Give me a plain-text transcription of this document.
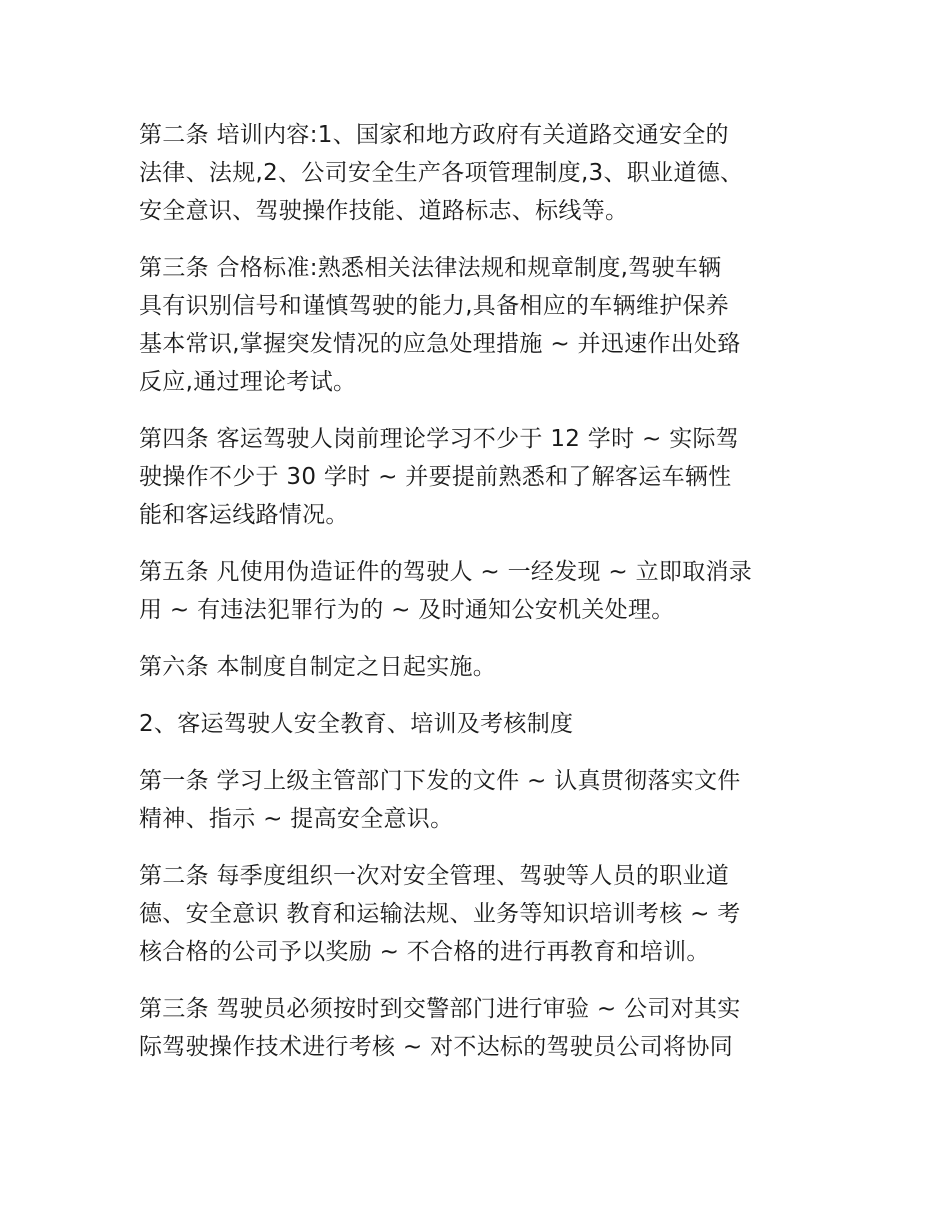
第二条 培训内容:1、国家和地方政府有关道路交通安全的
法律、法规,2、公司安全生产各项管理制度,3、职业道德、
安全意识、驾驶操作技能、道路标志、标线等。
第三条 合格标准:熟悉相关法律法规和规章制度,驾驶车辆
具有识别信号和谨慎驾驶的能力,具备相应的车辆维护保养
基本常识,掌握突发情况的应急处理措施 ~ 并迅速作出处臵
反应,通过理论考试。
第四条 客运驾驶人岗前理论学习不少于 12 学时 ~ 实际驾
驶操作不少于 30 学时 ~ 并要提前熟悉和了解客运车辆性
能和客运线路情况。
第五条 凡使用伪造证件的驾驶人 ~ 一经发现 ~ 立即取消录
用 ~ 有违法犯罪行为的 ~ 及时通知公安机关处理。
第六条 本制度自制定之日起实施。
2、客运驾驶人安全教育、培训及考核制度
第一条 学习上级主管部门下发的文件 ~ 认真贯彻落实文件
精神、指示 ~ 提高安全意识。
第二条 每季度组织一次对安全管理、驾驶等人员的职业道
德、安全意识 教育和运输法规、业务等知识培训考核 ~ 考
核合格的公司予以奖励 ~ 不合格的进行再教育和培训。
第三条 驾驶员必须按时到交警部门进行审验 ~ 公司对其实
际驾驶操作技术进行考核 ~ 对不达标的驾驶员公司将协同
